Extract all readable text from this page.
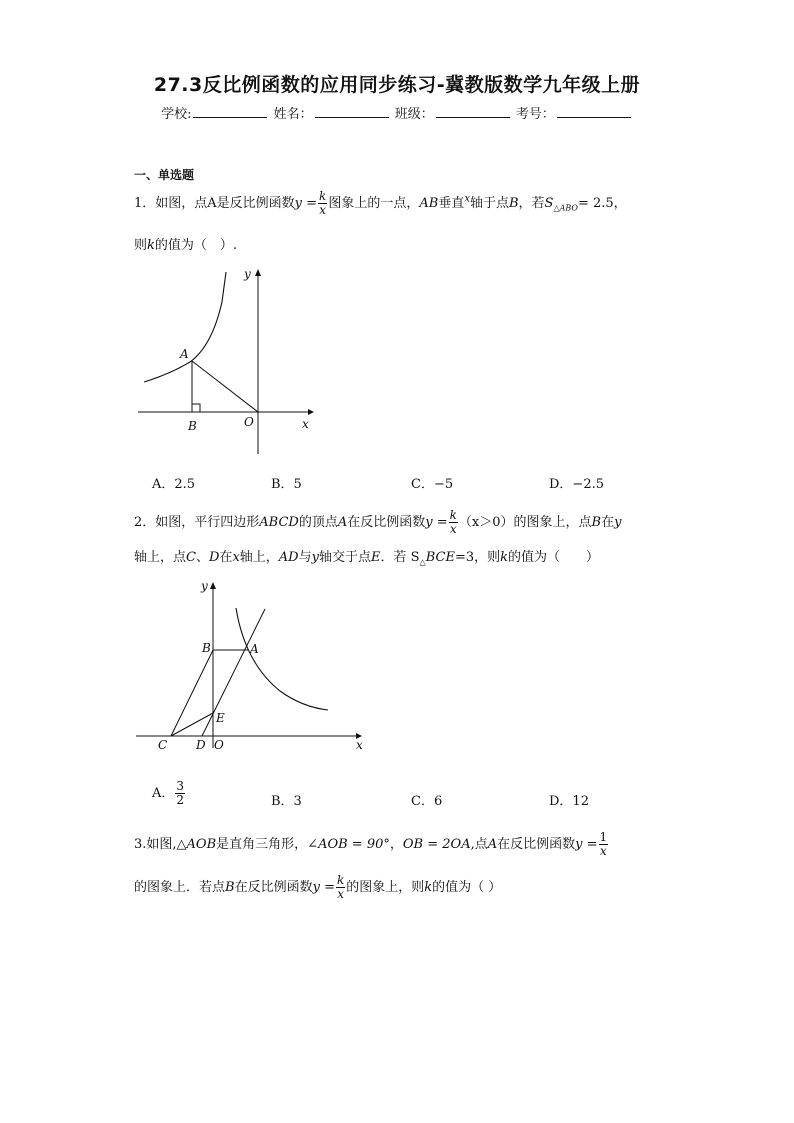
27.3反比例函数的应用同步练习-冀教版数学九年级上册
学校:	姓名：	班级：	考号：
一、单选题
1．如图，点A是反比例函数$y = \frac{k}{x}$ 图象上的一点，AB垂直$^x$轴于点B，若$S_{\triangle ABO}= 2.5$，
则k的值为（　）.
A
B	O	x
y
A．2.5	B．5	C．−5	D．−2.5
2．如图，平行四边形ABCD的顶点A在反比例函数$y = \frac{k}{x} (x>0)$的图象上，点B在y
轴上，点C、D在x轴上，AD与y轴交于点E．若 $S_\triangle BCE=3$，则k的值为（　　）
A
B
C D
E
O	x
y
A． $\frac{3}{2}$	B．3	C．6	D．12
3.如图,△AOB是直角三角形，∠AOB = 90°，OB = 2OA,点A在反比例函数$y = \frac{1}{x}$
的图象上．若点B在反比例函数$y = \frac{k}{x}$ 的图象上，则k的值为（ ）
